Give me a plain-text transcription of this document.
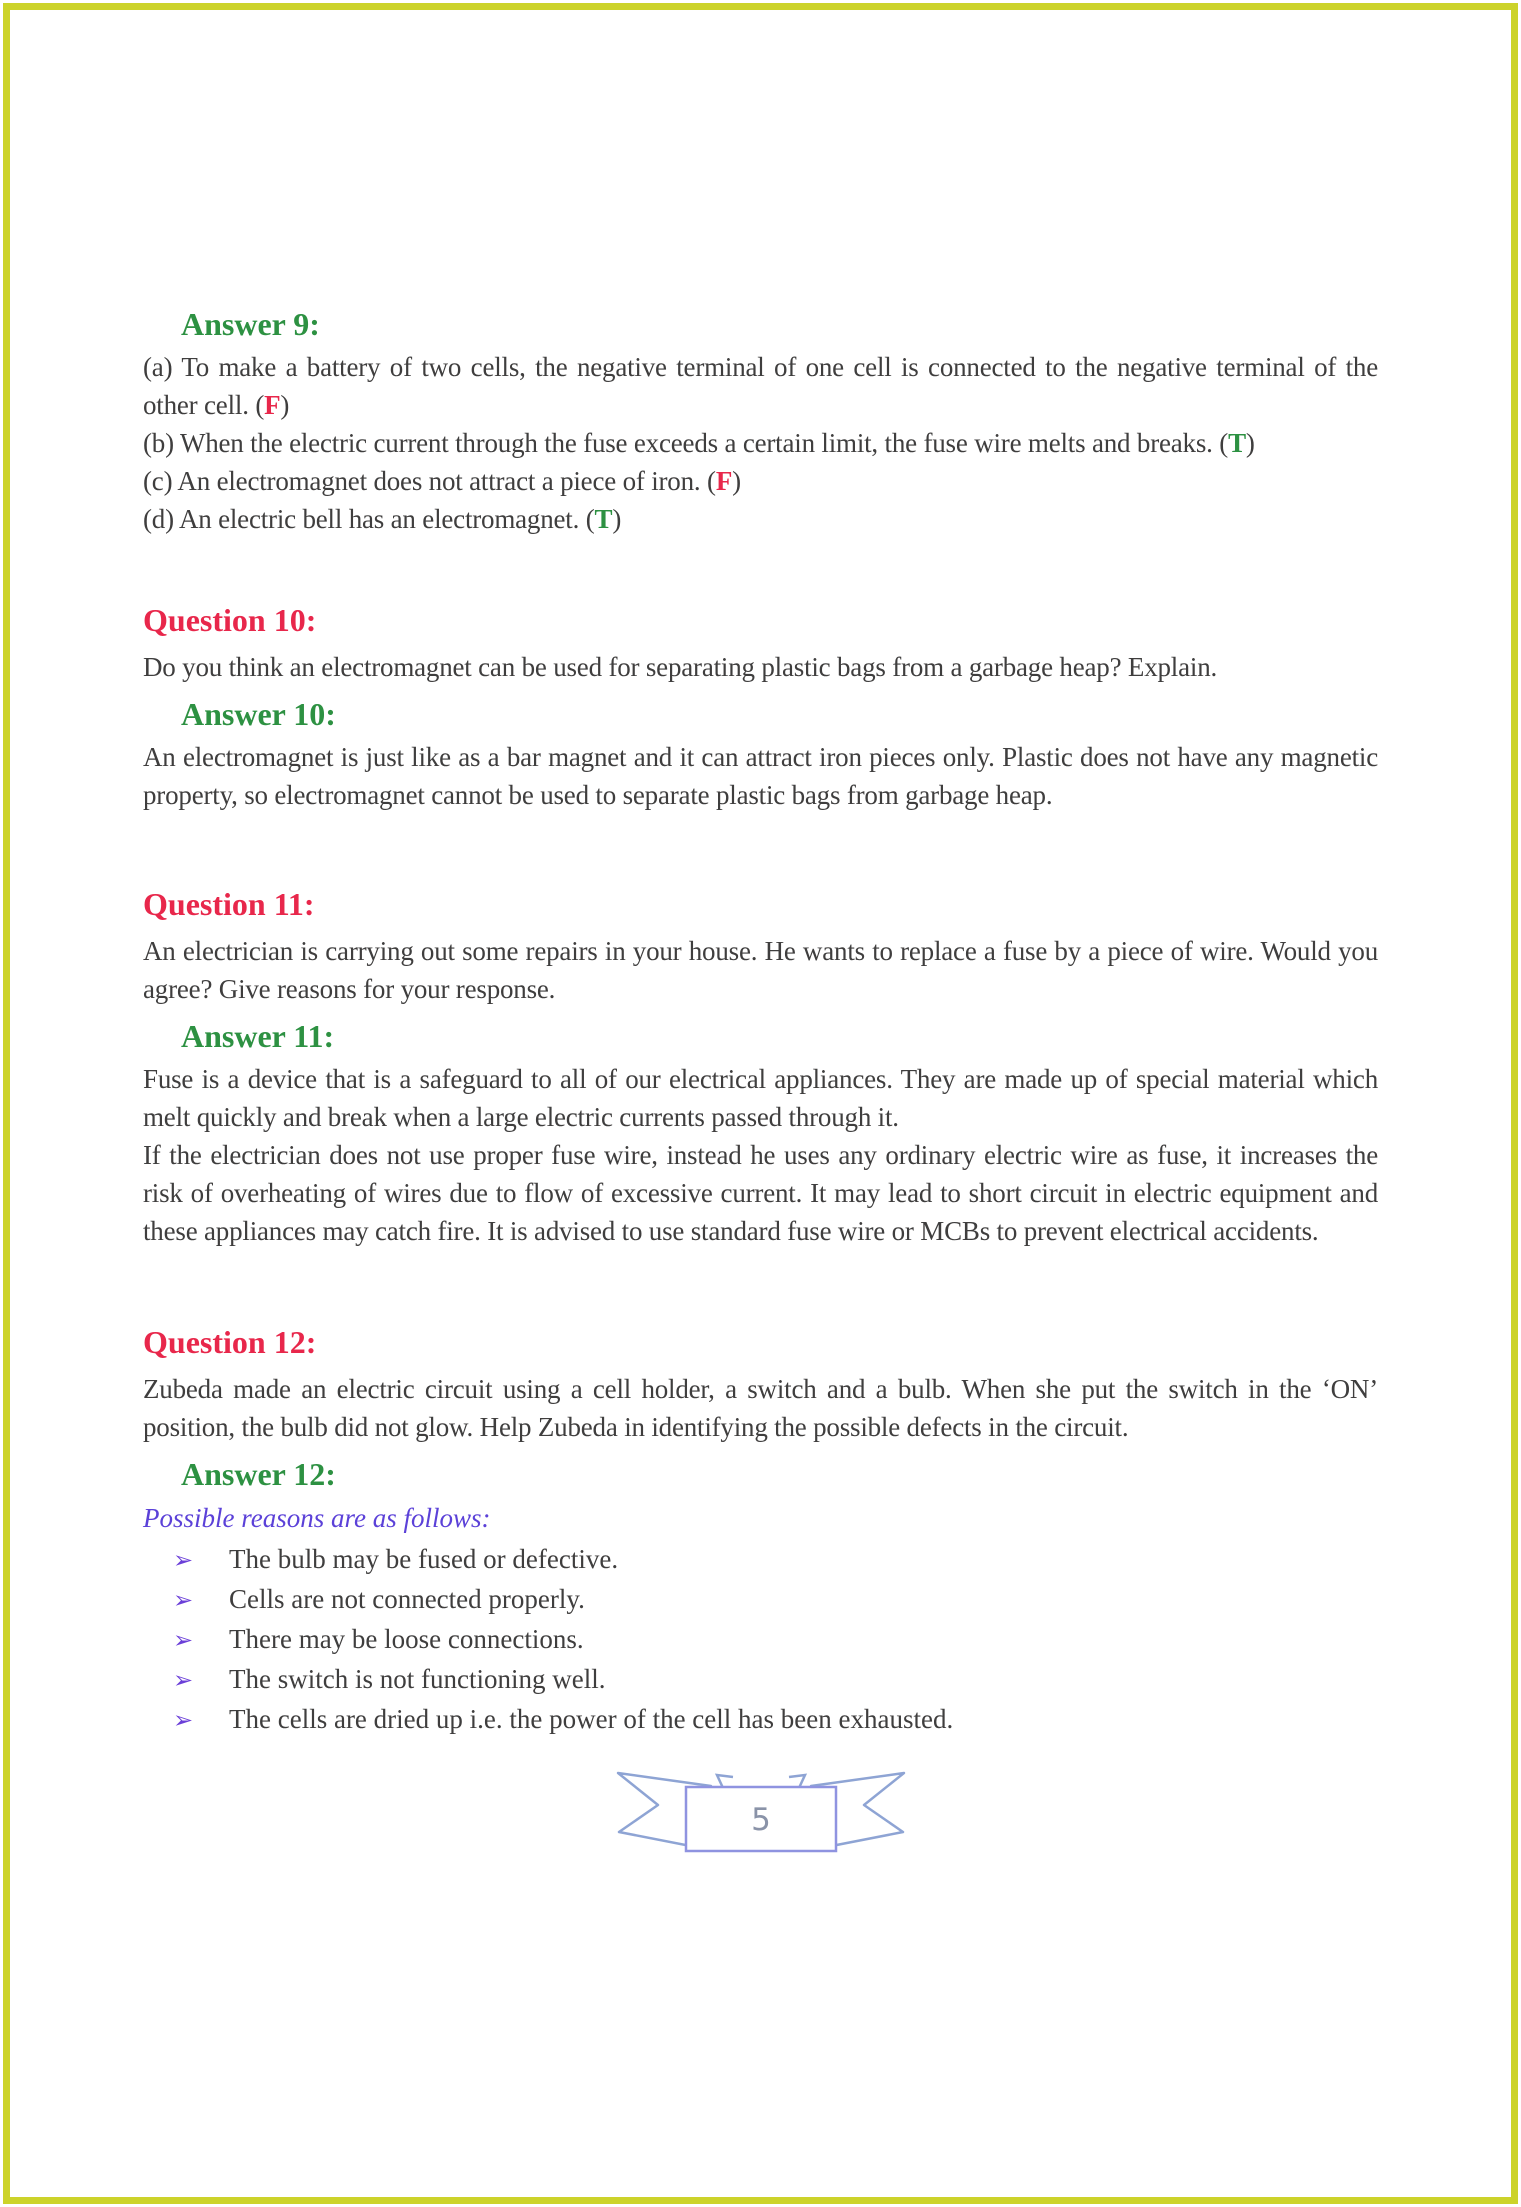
Answer 9:

(a) To make a battery of two cells, the negative terminal of one cell is connected to the negative terminal of the other cell. (F)

(b) When the electric current through the fuse exceeds a certain limit, the fuse wire melts and breaks. (T)

(c) An electromagnet does not attract a piece of iron. (F)

(d) An electric bell has an electromagnet. (T)

Question 10:

Do you think an electromagnet can be used for separating plastic bags from a garbage heap? Explain.

Answer 10:

An electromagnet is just like as a bar magnet and it can attract iron pieces only. Plastic does not have any magnetic property, so electromagnet cannot be used to separate plastic bags from garbage heap.

Question 11:

An electrician is carrying out some repairs in your house. He wants to replace a fuse by a piece of wire. Would you agree? Give reasons for your response.

Answer 11:

Fuse is a device that is a safeguard to all of our electrical appliances. They are made up of special material which melt quickly and break when a large electric currents passed through it.

If the electrician does not use proper fuse wire, instead he uses any ordinary electric wire as fuse, it increases the risk of overheating of wires due to flow of excessive current. It may lead to short circuit in electric equipment and these appliances may catch fire. It is advised to use standard fuse wire or MCBs to prevent electrical accidents.

Question 12:

Zubeda made an electric circuit using a cell holder, a switch and a bulb. When she put the switch in the ‘ON’ position, the bulb did not glow. Help Zubeda in identifying the possible defects in the circuit.

Answer 12:

Possible reasons are as follows:

➢	The bulb may be fused or defective.
➢	Cells are not connected properly.
➢	There may be loose connections.
➢	The switch is not functioning well.
➢	The cells are dried up i.e. the power of the cell has been exhausted.
5
